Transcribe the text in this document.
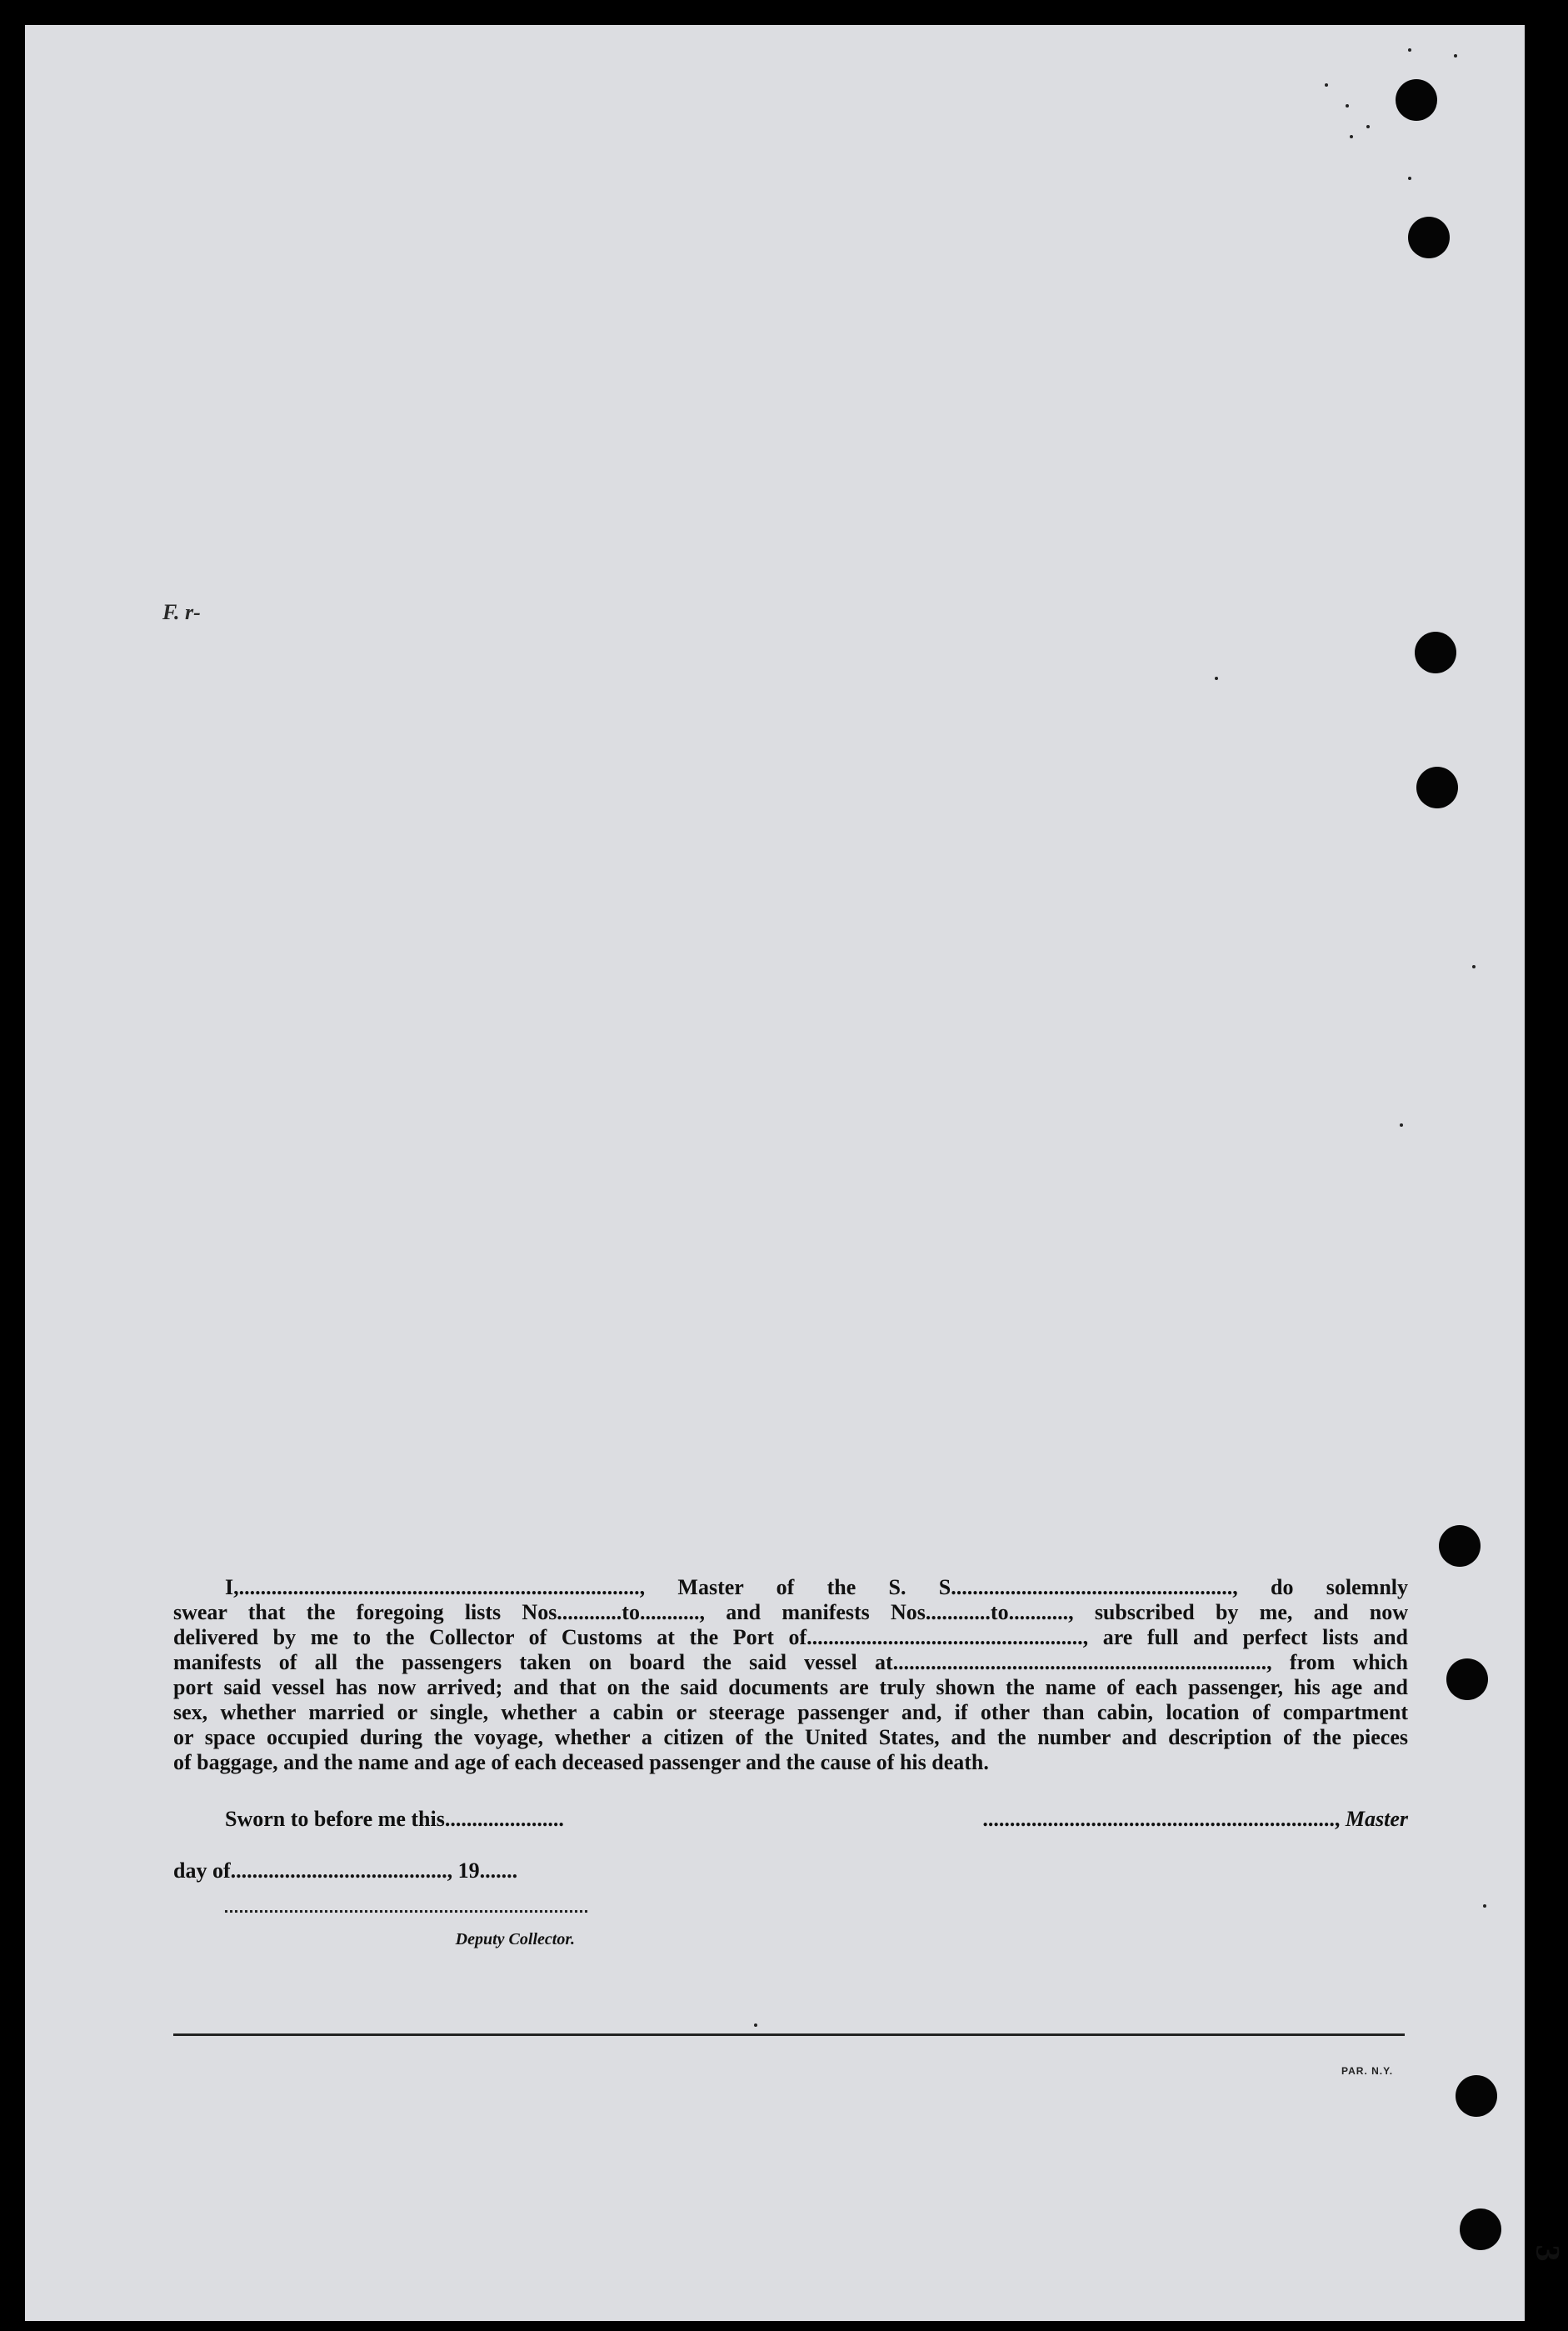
F. r-
I,.........................................................................., Master of the S. S...................................................., do solemnly
swear that the foregoing lists Nos............to..........., and manifests Nos............to..........., subscribed by me, and now
delivered by me to the Collector of Customs at the Port of..................................................., are full and perfect lists and
manifests of all the passengers taken on board the said vessel at....................................................................., from which
port said vessel has now arrived; and that on the said documents are truly shown the name of each passenger, his age and
sex, whether married or single, whether a cabin or steerage passenger and, if other than cabin, location of compartment
or space occupied during the voyage, whether a citizen of the United States, and the number and description of the pieces
of baggage, and the name and age of each deceased passenger and the cause of his death.
Sworn to before me this......................	................................................................., Master
day of........................................, 19.......
Deputy Collector.
PAR. N.Y.
3
